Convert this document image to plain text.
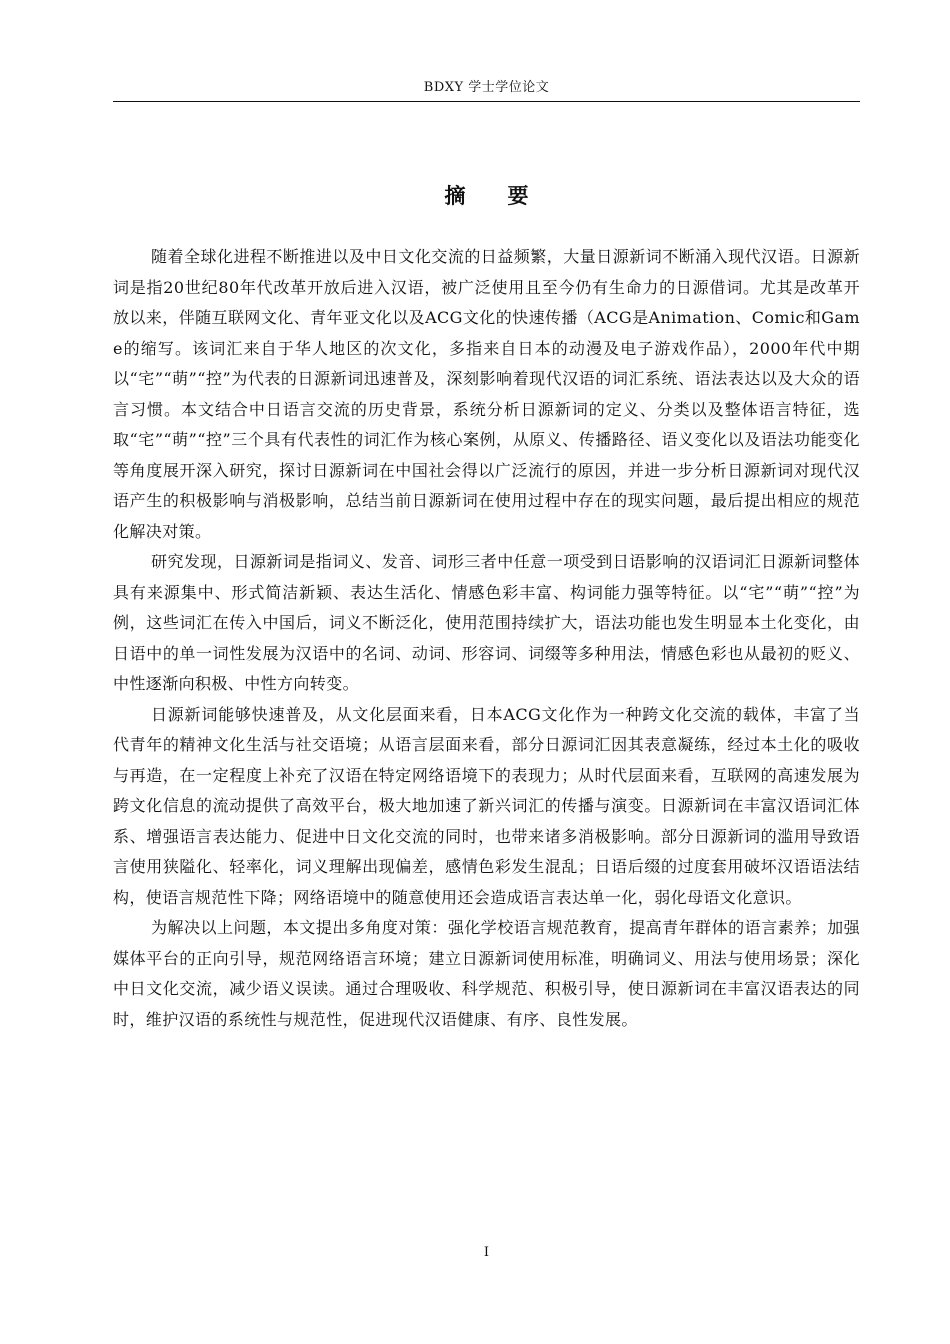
BDXY 学士学位论文
摘要

随着全球化进程不断推进以及中日文化交流的日益频繁，大量日源新词不断涌入现代汉语。日源新词是指20世纪80年代改革开放后进入汉语，被广泛使用且至今仍有生命力的日源借词。尤其是改革开放以来，伴随互联网文化、青年亚文化以及ACG文化的快速传播（ACG是Animation、Comic和Game的缩写。该词汇来自于华人地区的次文化，多指来自日本的动漫及电子游戏作品），2000年代中期以“宅”“萌”“控”为代表的日源新词迅速普及，深刻影响着现代汉语的词汇系统、语法表达以及大众的语言习惯。本文结合中日语言交流的历史背景，系统分析日源新词的定义、分类以及整体语言特征，选取“宅”“萌”“控”三个具有代表性的词汇作为核心案例，从原义、传播路径、语义变化以及语法功能变化等角度展开深入研究，探讨日源新词在中国社会得以广泛流行的原因，并进一步分析日源新词对现代汉语产生的积极影响与消极影响，总结当前日源新词在使用过程中存在的现实问题，最后提出相应的规范化解决对策。

研究发现，日源新词是指词义、发音、词形三者中任意一项受到日语影响的汉语词汇日源新词整体具有来源集中、形式简洁新颖、表达生活化、情感色彩丰富、构词能力强等特征。以“宅”“萌”“控”为例，这些词汇在传入中国后，词义不断泛化，使用范围持续扩大，语法功能也发生明显本土化变化，由日语中的单一词性发展为汉语中的名词、动词、形容词、词缀等多种用法，情感色彩也从最初的贬义、中性逐渐向积极、中性方向转变。

日源新词能够快速普及，从文化层面来看，日本ACG文化作为一种跨文化交流的载体，丰富了当代青年的精神文化生活与社交语境；从语言层面来看，部分日源词汇因其表意凝练，经过本土化的吸收与再造，在一定程度上补充了汉语在特定网络语境下的表现力；从时代层面来看，互联网的高速发展为跨文化信息的流动提供了高效平台，极大地加速了新兴词汇的传播与演变。日源新词在丰富汉语词汇体系、增强语言表达能力、促进中日文化交流的同时，也带来诸多消极影响。部分日源新词的滥用导致语言使用狭隘化、轻率化，词义理解出现偏差，感情色彩发生混乱；日语后缀的过度套用破坏汉语语法结构，使语言规范性下降；网络语境中的随意使用还会造成语言表达单一化，弱化母语文化意识。

为解决以上问题，本文提出多角度对策：强化学校语言规范教育，提高青年群体的语言素养；加强媒体平台的正向引导，规范网络语言环境；建立日源新词使用标准，明确词义、用法与使用场景；深化中日文化交流，减少语义误读。通过合理吸收、科学规范、积极引导，使日源新词在丰富汉语表达的同时，维护汉语的系统性与规范性，促进现代汉语健康、有序、良性发展。

I
